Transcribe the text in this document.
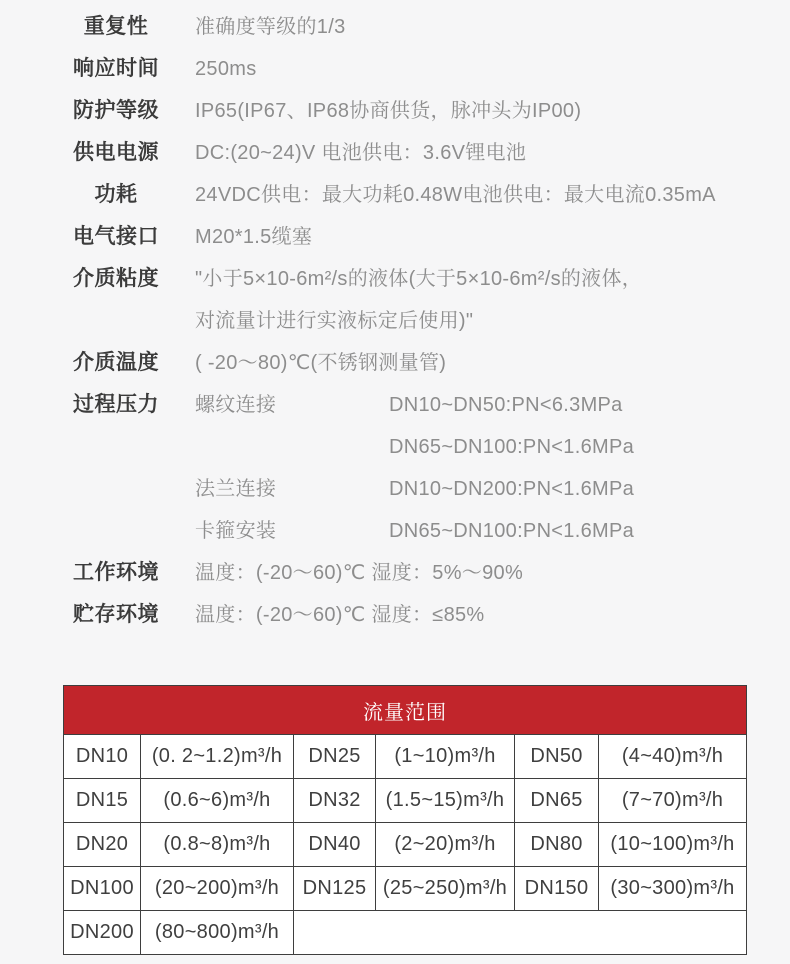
重复性	准确度等级的1/3
响应时间	250ms
防护等级	IP65(IP67、IP68协商供货，脉冲头为IP00)
供电电源	DC:(20~24)V 电池供电：3.6V锂电池
功耗	24VDC供电：最大功耗0.48W电池供电：最大电流0.35mA
电气接口	M20*1.5缆塞
介质粘度	"小于5×10-6m²/s的液体(大于5×10-6m²/s的液体，
对流量计进行实液标定后使用)"
介质温度	( -20～80)℃(不锈钢测量管)
过程压力	螺纹连接	DN10~DN50:PN<6.3MPa
DN65~DN100:PN<1.6MPa
法兰连接	DN10~DN200:PN<1.6MPa
卡箍安装	DN65~DN100:PN<1.6MPa
工作环境	温度：(-20～60)℃ 湿度：5%～90%
贮存环境	温度：(-20～60)℃ 湿度：≤85%
流量范围					
DN10	(0. 2~1.2)m³/h	DN25	(1~10)m³/h	DN50	(4~40)m³/h
DN15	(0.6~6)m³/h	DN32	(1.5~15)m³/h	DN65	(7~70)m³/h
DN20	(0.8~8)m³/h	DN40	(2~20)m³/h	DN80	(10~100)m³/h
DN100	(20~200)m³/h	DN125	(25~250)m³/h	DN150	(30~300)m³/h
DN200	(80~800)m³/h				
